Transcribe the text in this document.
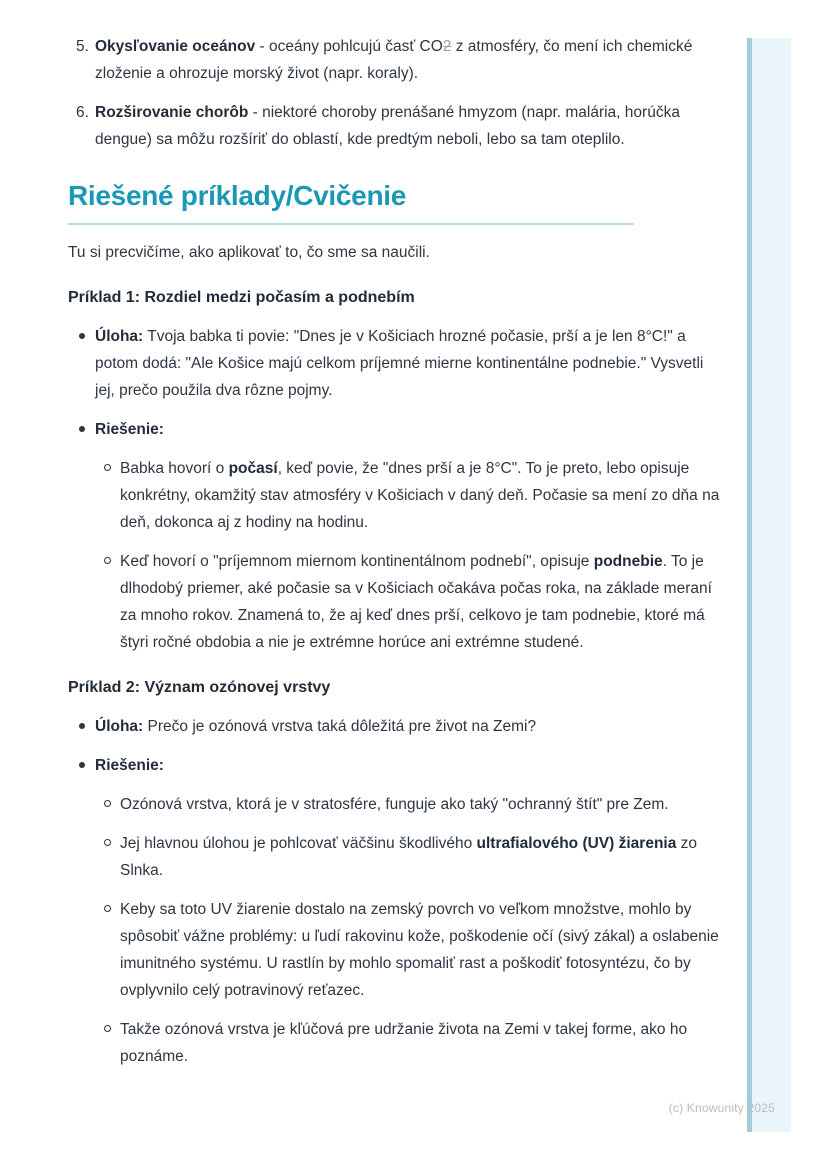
5. Okysľovanie oceánov - oceány pohlcujú časť CO2 z atmosféry, čo mení ich chemické zloženie a ohrozuje morský život (napr. koraly).
6. Rozširovanie chorôb - niektoré choroby prenášané hmyzom (napr. malária, horúčka dengue) sa môžu rozšíriť do oblastí, kde predtým neboli, lebo sa tam oteplilo.
Riešené príklady/Cvičenie

Tu si precvičíme, ako aplikovať to, čo sme sa naučili.

Príklad 1: Rozdiel medzi počasím a podnebím
Úloha: Tvoja babka ti povie: "Dnes je v Košiciach hrozné počasie, prší a je len 8°C!" a potom dodá: "Ale Košice majú celkom príjemné mierne kontinentálne podnebie." Vysvetli jej, prečo použila dva rôzne pojmy.
Riešenie:
Babka hovorí o počasí, keď povie, že "dnes prší a je 8°C". To je preto, lebo opisuje konkrétny, okamžitý stav atmosféry v Košiciach v daný deň. Počasie sa mení zo dňa na deň, dokonca aj z hodiny na hodinu.
Keď hovorí o "príjemnom miernom kontinentálnom podnebí", opisuje podnebie. To je dlhodobý priemer, aké počasie sa v Košiciach očakáva počas roka, na základe meraní za mnoho rokov. Znamená to, že aj keď dnes prší, celkovo je tam podnebie, ktoré má štyri ročné obdobia a nie je extrémne horúce ani extrémne studené.
Príklad 2: Význam ozónovej vrstvy
Úloha: Prečo je ozónová vrstva taká dôležitá pre život na Zemi?
Riešenie:
Ozónová vrstva, ktorá je v stratosfére, funguje ako taký "ochranný štít" pre Zem.
Jej hlavnou úlohou je pohlcovať väčšinu škodlivého ultrafialového (UV) žiarenia zo Slnka.
Keby sa toto UV žiarenie dostalo na zemský povrch vo veľkom množstve, mohlo by spôsobiť vážne problémy: u ľudí rakovinu kože, poškodenie očí (sivý zákal) a oslabenie imunitného systému. U rastlín by mohlo spomaliť rast a poškodiť fotosyntézu, čo by ovplyvnilo celý potravinový reťazec.
Takže ozónová vrstva je kľúčová pre udržanie života na Zemi v takej forme, ako ho poznáme.
(c) Knowunity 2025
